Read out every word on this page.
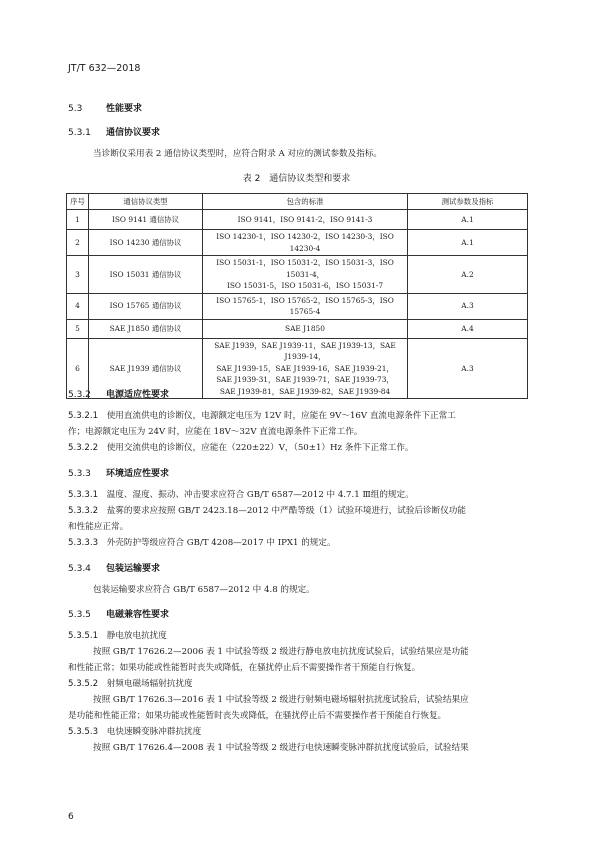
JT/T 632—2018
5.3	性能要求
5.3.1 通信协议要求
当诊断仪采用表 2 通信协议类型时，应符合附录 A 对应的测试参数及指标。
表 2　通信协议类型和要求
序号	通信协议类型	包含的标准	测试参数及指标
1	ISO 9141 通信协议	ISO 9141，ISO 9141-2，ISO 9141-3	A.1
2	ISO 14230 通信协议	ISO 14230-1，ISO 14230-2，ISO 14230-3，ISO 14230-4	A.1
3	ISO 15031 通信协议	ISO 15031-1，ISO 15031-2，ISO 15031-3，ISO 15031-4，
ISO 15031-5，ISO 15031-6，ISO 15031-7	A.2
4	ISO 15765 通信协议	ISO 15765-1，ISO 15765-2，ISO 15765-3，ISO 15765-4	A.3
5	SAE J1850 通信协议	SAE J1850	A.4
6	SAE J1939 通信协议	SAE J1939，SAE J1939-11，SAE J1939-13，SAE J1939-14，
SAE J1939-15，SAE J1939-16，SAE J1939-21，
SAE J1939-31，SAE J1939-71，SAE J1939-73，
SAE J1939-81，SAE J1939-82，SAE J1939-84	A.3
5.3.2 电源适应性要求
5.3.2.1　 使用直流供电的诊断仪，电源额定电压为 12V 时，应能在 9V～16V 直流电源条件下正常工
作；电源额定电压为 24V 时，应能在 18V～32V 直流电源条件下正常工作。
5.3.2.2　 使用交流供电的诊断仪，应能在（220±22）V，（50±1）Hz 条件下正常工作。
5.3.3 环境适应性要求
5.3.3.1　 温度、湿度、振动、冲击要求应符合 GB/T 6587—2012 中 4.7.1 Ⅲ组的规定。
5.3.3.2　 盐雾的要求应按照 GB/T 2423.18—2012 中严酷等级（1）试验环境进行，试验后诊断仪功能
和性能应正常。
5.3.3.3　 外壳防护等级应符合 GB/T 4208—2017 中 IPX1 的规定。
5.3.4 包装运输要求
包装运输要求应符合 GB/T 6587—2012 中 4.8 的规定。
5.3.5 电磁兼容性要求
5.3.5.1　 静电放电抗扰度
按照 GB/T 17626.2—2006 表 1 中试验等级 2 级进行静电放电抗扰度试验后，试验结果应是功能
和性能正常；如果功能或性能暂时丧失或降低，在骚扰停止后不需要操作者干预能自行恢复。
5.3.5.2　 射频电磁场辐射抗扰度
按照 GB/T 17626.3—2016 表 1 中试验等级 2 级进行射频电磁场辐射抗扰度试验后，试验结果应
是功能和性能正常；如果功能或性能暂时丧失或降低，在骚扰停止后不需要操作者干预能自行恢复。
5.3.5.3　 电快速瞬变脉冲群抗扰度
按照 GB/T 17626.4—2008 表 1 中试验等级 2 级进行电快速瞬变脉冲群抗扰度试验后，试验结果
6
